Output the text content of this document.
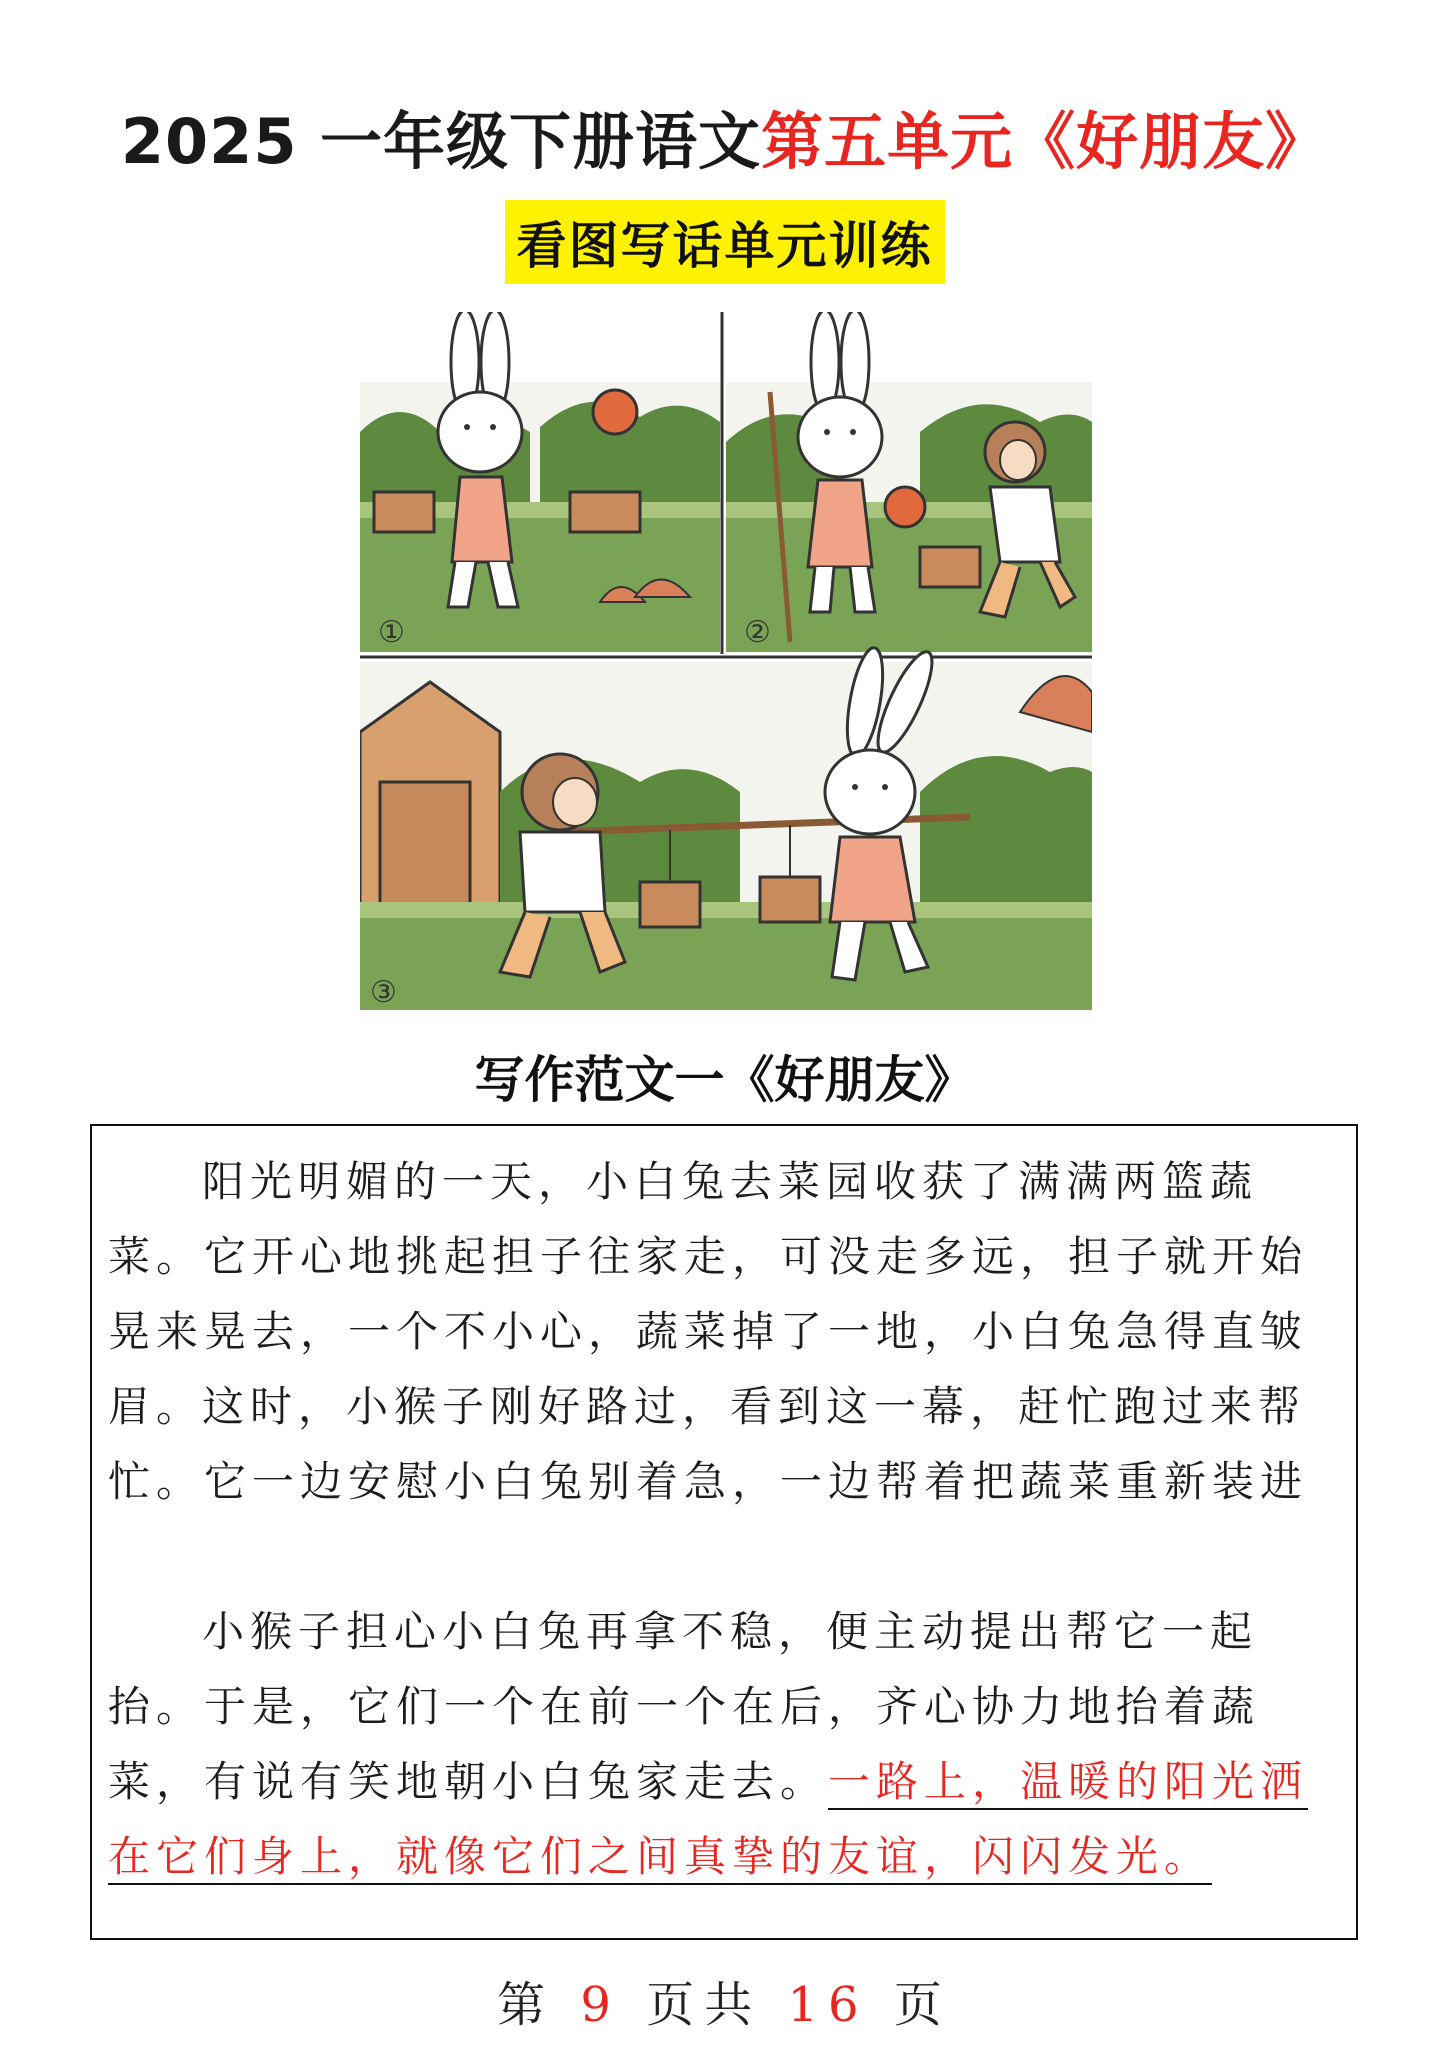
2025 一年级下册语文第五单元《好朋友》
看图写话单元训练
①	②
③
写作范文一《好朋友》

阳光明媚的一天，小白兔去菜园收获了满满两篮蔬菜。它开心地挑起担子往家走，可没走多远，担子就开始晃来晃去，一个不小心，蔬菜掉了一地，小白兔急得直皱眉。

这时，小猴子刚好路过，看到这一幕，赶忙跑过来帮忙。它一边安慰小白兔别着急，一边帮着把蔬菜重新装进

小猴子担心小白兔再拿不稳，便主动提出帮它一起抬。于是，它们一个在前一个在后，齐心协力地抬着蔬菜，有说有笑地朝小白兔家走去。一路上，温暖的阳光洒在它们身上，就像它们之间真挚的友谊，闪闪发光。

第 9 页共 16 页
